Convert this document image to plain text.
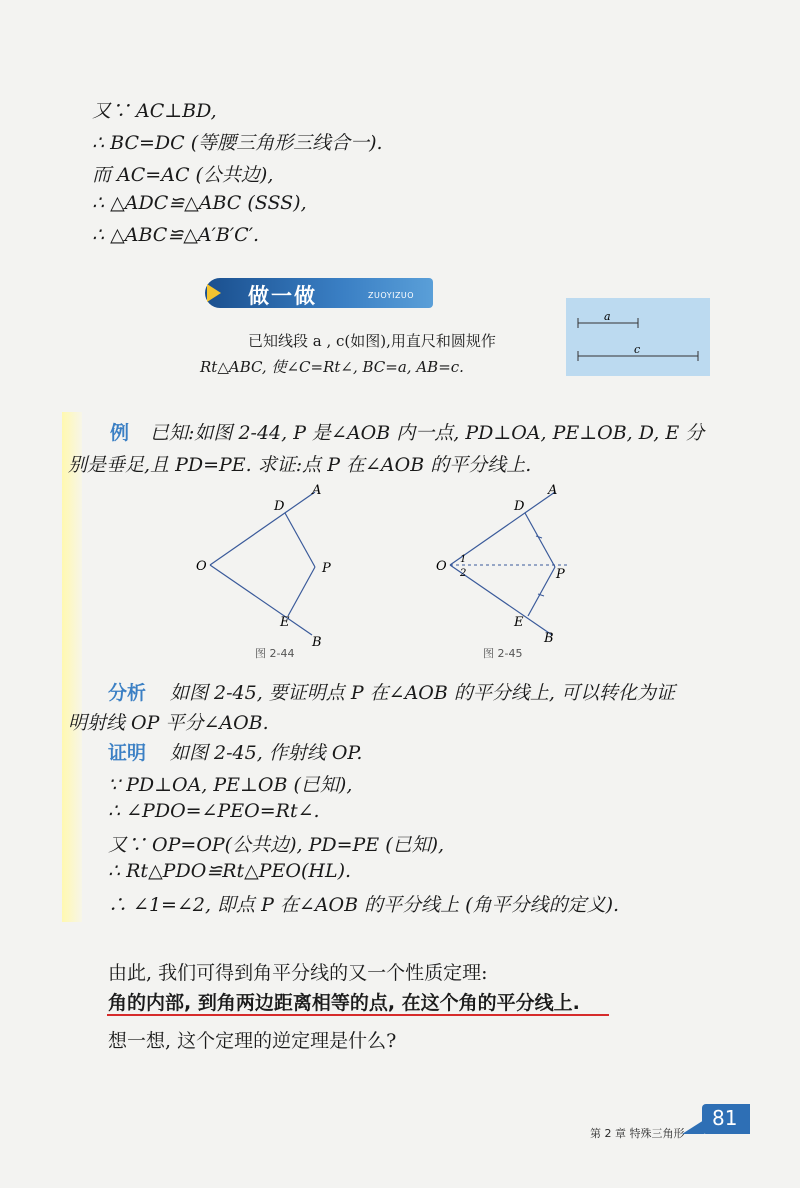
又∵ AC⊥BD,
∴ BC=DC (等腰三角形三线合一).
而 AC=AC (公共边),
∴ △ADC≌△ABC (SSS),
∴ △ABC≌△A′B′C′.
做一做	ZUOYIZUO
已知线段 a , c(如图),用直尺和圆规作
Rt△ABC, 使∠C=Rt∠, BC=a, AB=c.
a
c
例 已知:如图 2-44, P 是∠AOB 内一点, PD⊥OA, PE⊥OB, D, E 分
别是垂足,且 PD=PE. 求证:点 P 在∠AOB 的平分线上.
O
D
A
P
E
B
图 2-44
O 1
2
D
A
P
E
B
图 2-45
分析 如图 2-45, 要证明点 P 在∠AOB 的平分线上, 可以转化为证
明射线 OP 平分∠AOB.
证明 如图 2-45, 作射线 OP.
∵ PD⊥OA, PE⊥OB (已知),
∴ ∠PDO=∠PEO=Rt∠.
又∵ OP=OP(公共边), PD=PE (已知),
∴ Rt△PDO≌Rt△PEO(HL).
∴ ∠1=∠2, 即点 P 在∠AOB 的平分线上 (角平分线的定义).
由此, 我们可得到角平分线的又一个性质定理:
角的内部, 到角两边距离相等的点, 在这个角的平分线上.
想一想, 这个定理的逆定理是什么?
第 2 章 特殊三角形
81
